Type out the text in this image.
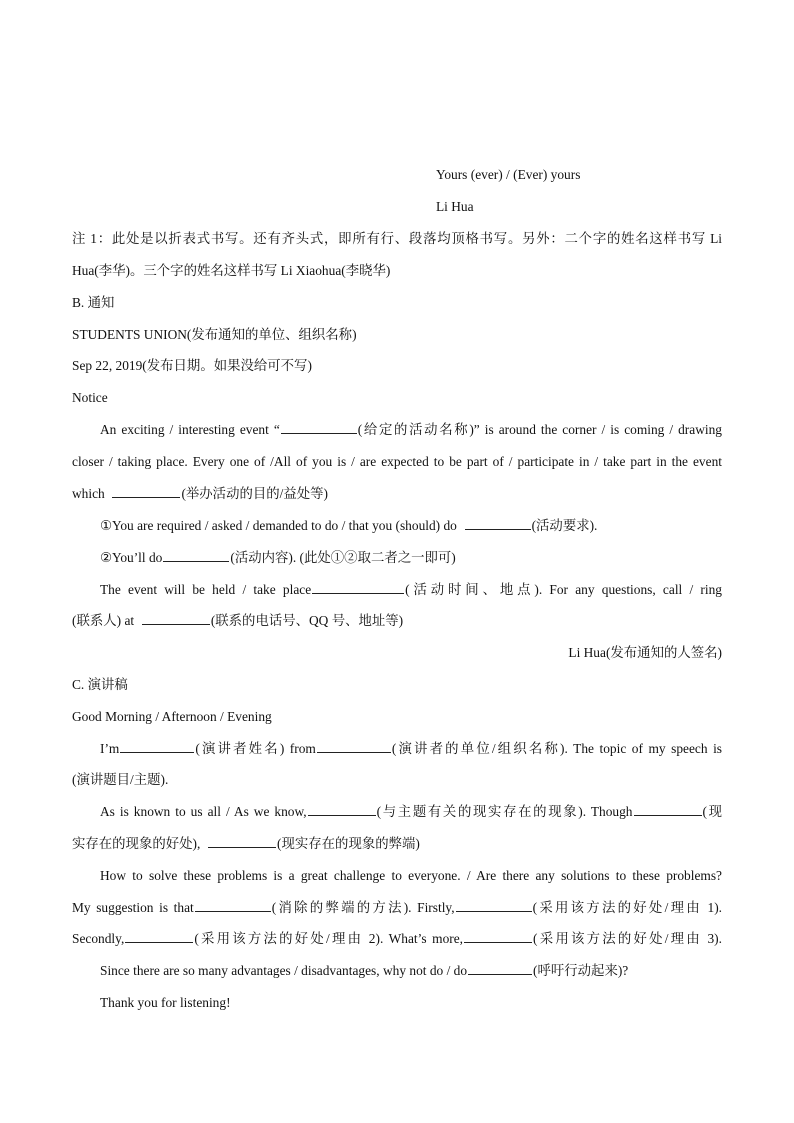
Yours (ever) / (Ever) yours
Li Hua
注 1：此处是以折表式书写。还有齐头式，即所有行、段落均顶格书写。另外：二个字的姓名这样书写 Li
Hua(李华)。三个字的姓名这样书写 Li Xiaohua(李晓华)
B. 通知
STUDENTS UNION(发布通知的单位、组织名称)
Sep 22, 2019(发布日期。如果没给可不写)
Notice
An exciting / interesting event “	(给定的活动名称)” is around the corner / is coming / drawing
closer / taking place. Every one of /All of you is / are expected to be part of / participate in / take part in the event
which	(举办活动的目的/益处等)
①You are required / asked / demanded to do / that you (should) do	(活动要求).
②You’ll do	(活动内容). (此处①②取二者之一即可)
The event will be held / take place	(活动时间、地点). For any questions, call / ring
(联系人) at	(联系的电话号、QQ 号、地址等)
Li Hua(发布通知的人签名)
C. 演讲稿
Good Morning / Afternoon / Evening
I’m	(演讲者姓名) from	(演讲者的单位/组织名称). The topic of my speech is
(演讲题目/主题).
As is known to us all / As we know,	(与主题有关的现实存在的现象). Though	(现
实存在的现象的好处),	(现实存在的现象的弊端)
How to solve these problems is a great challenge to everyone. / Are there any solutions to these problems?
My suggestion is that	(消除的弊端的方法). Firstly,	(采用该方法的好处/理由 1).
Secondly,	(采用该方法的好处/理由 2). What’s more,	(采用该方法的好处/理由 3).
Since there are so many advantages / disadvantages, why not do / do	(呼吁行动起来)?
Thank you for listening!
